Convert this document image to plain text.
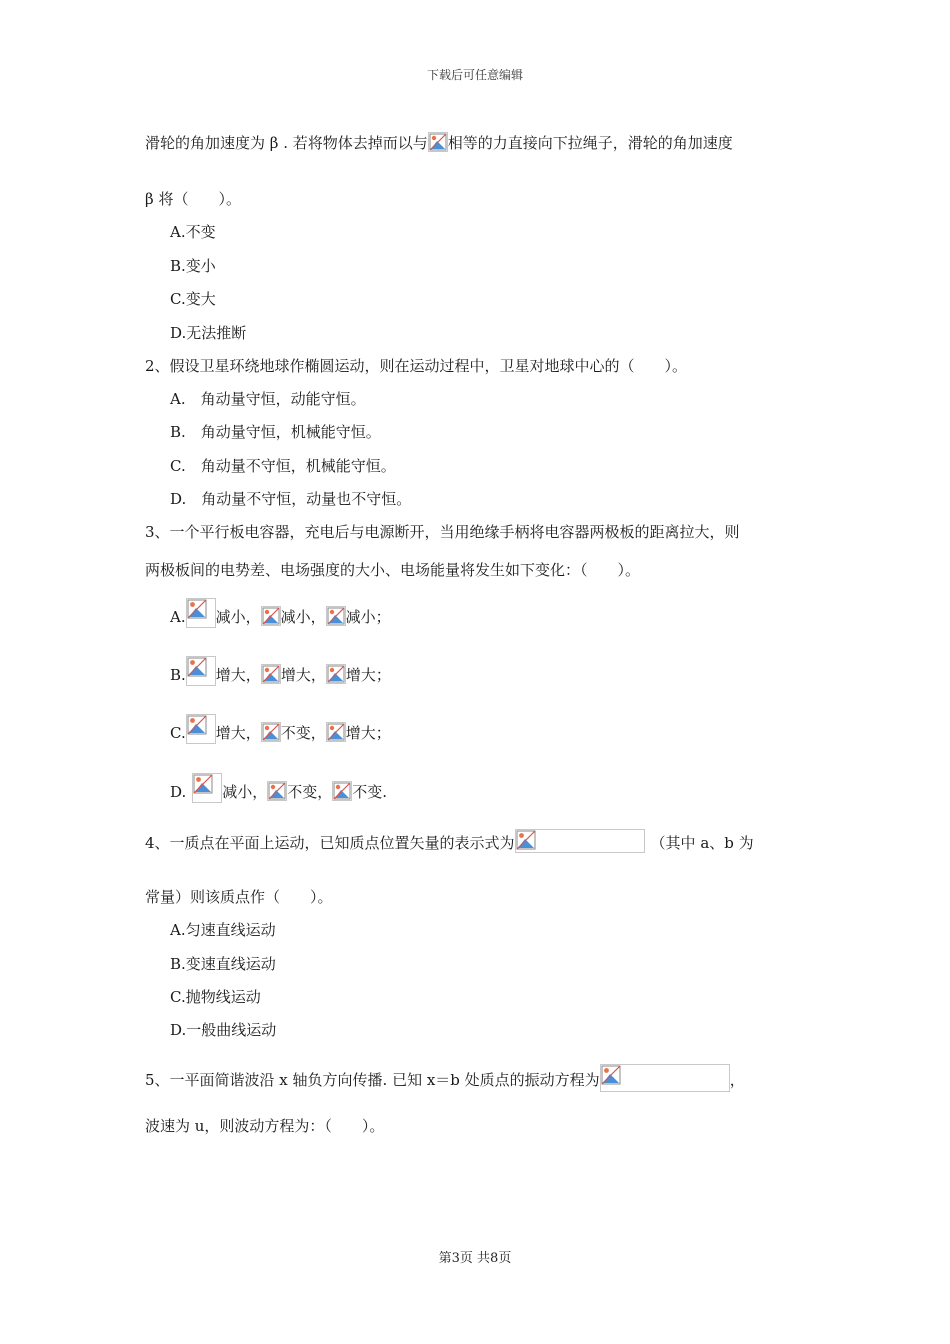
下载后可任意编辑
滑轮的角加速度为 β . 若将物体去掉而以与 相等的力直接向下拉绳子，滑轮的角加速度
β 将（　　）。
A.不变
B.变小
C.变大
D.无法推断
2、假设卫星环绕地球作椭圆运动，则在运动过程中，卫星对地球中心的（　　）。
A.　角动量守恒，动能守恒。
B.　角动量守恒，机械能守恒。
C.　角动量不守恒，机械能守恒。
D.　角动量不守恒，动量也不守恒。
3、一个平行板电容器，充电后与电源断开，当用绝缘手柄将电容器两极板的距离拉大，则
两极板间的电势差、电场强度的大小、电场能量将发生如下变化：（　　）。
A. 减小， 减小， 减小；
B. 增大， 增大， 增大；
C. 增大， 不变， 增大；
D. 减小， 不变， 不变.
4、一质点在平面上运动，已知质点位置矢量的表示式为	（其中 a、b 为
常量）则该质点作（　　）。
A.匀速直线运动
B.变速直线运动
C.抛物线运动
D.一般曲线运动
5、一平面简谐波沿 x 轴负方向传播. 已知 x＝b 处质点的振动方程为	，
波速为 u，则波动方程为：（　　）。
第3页 共8页
